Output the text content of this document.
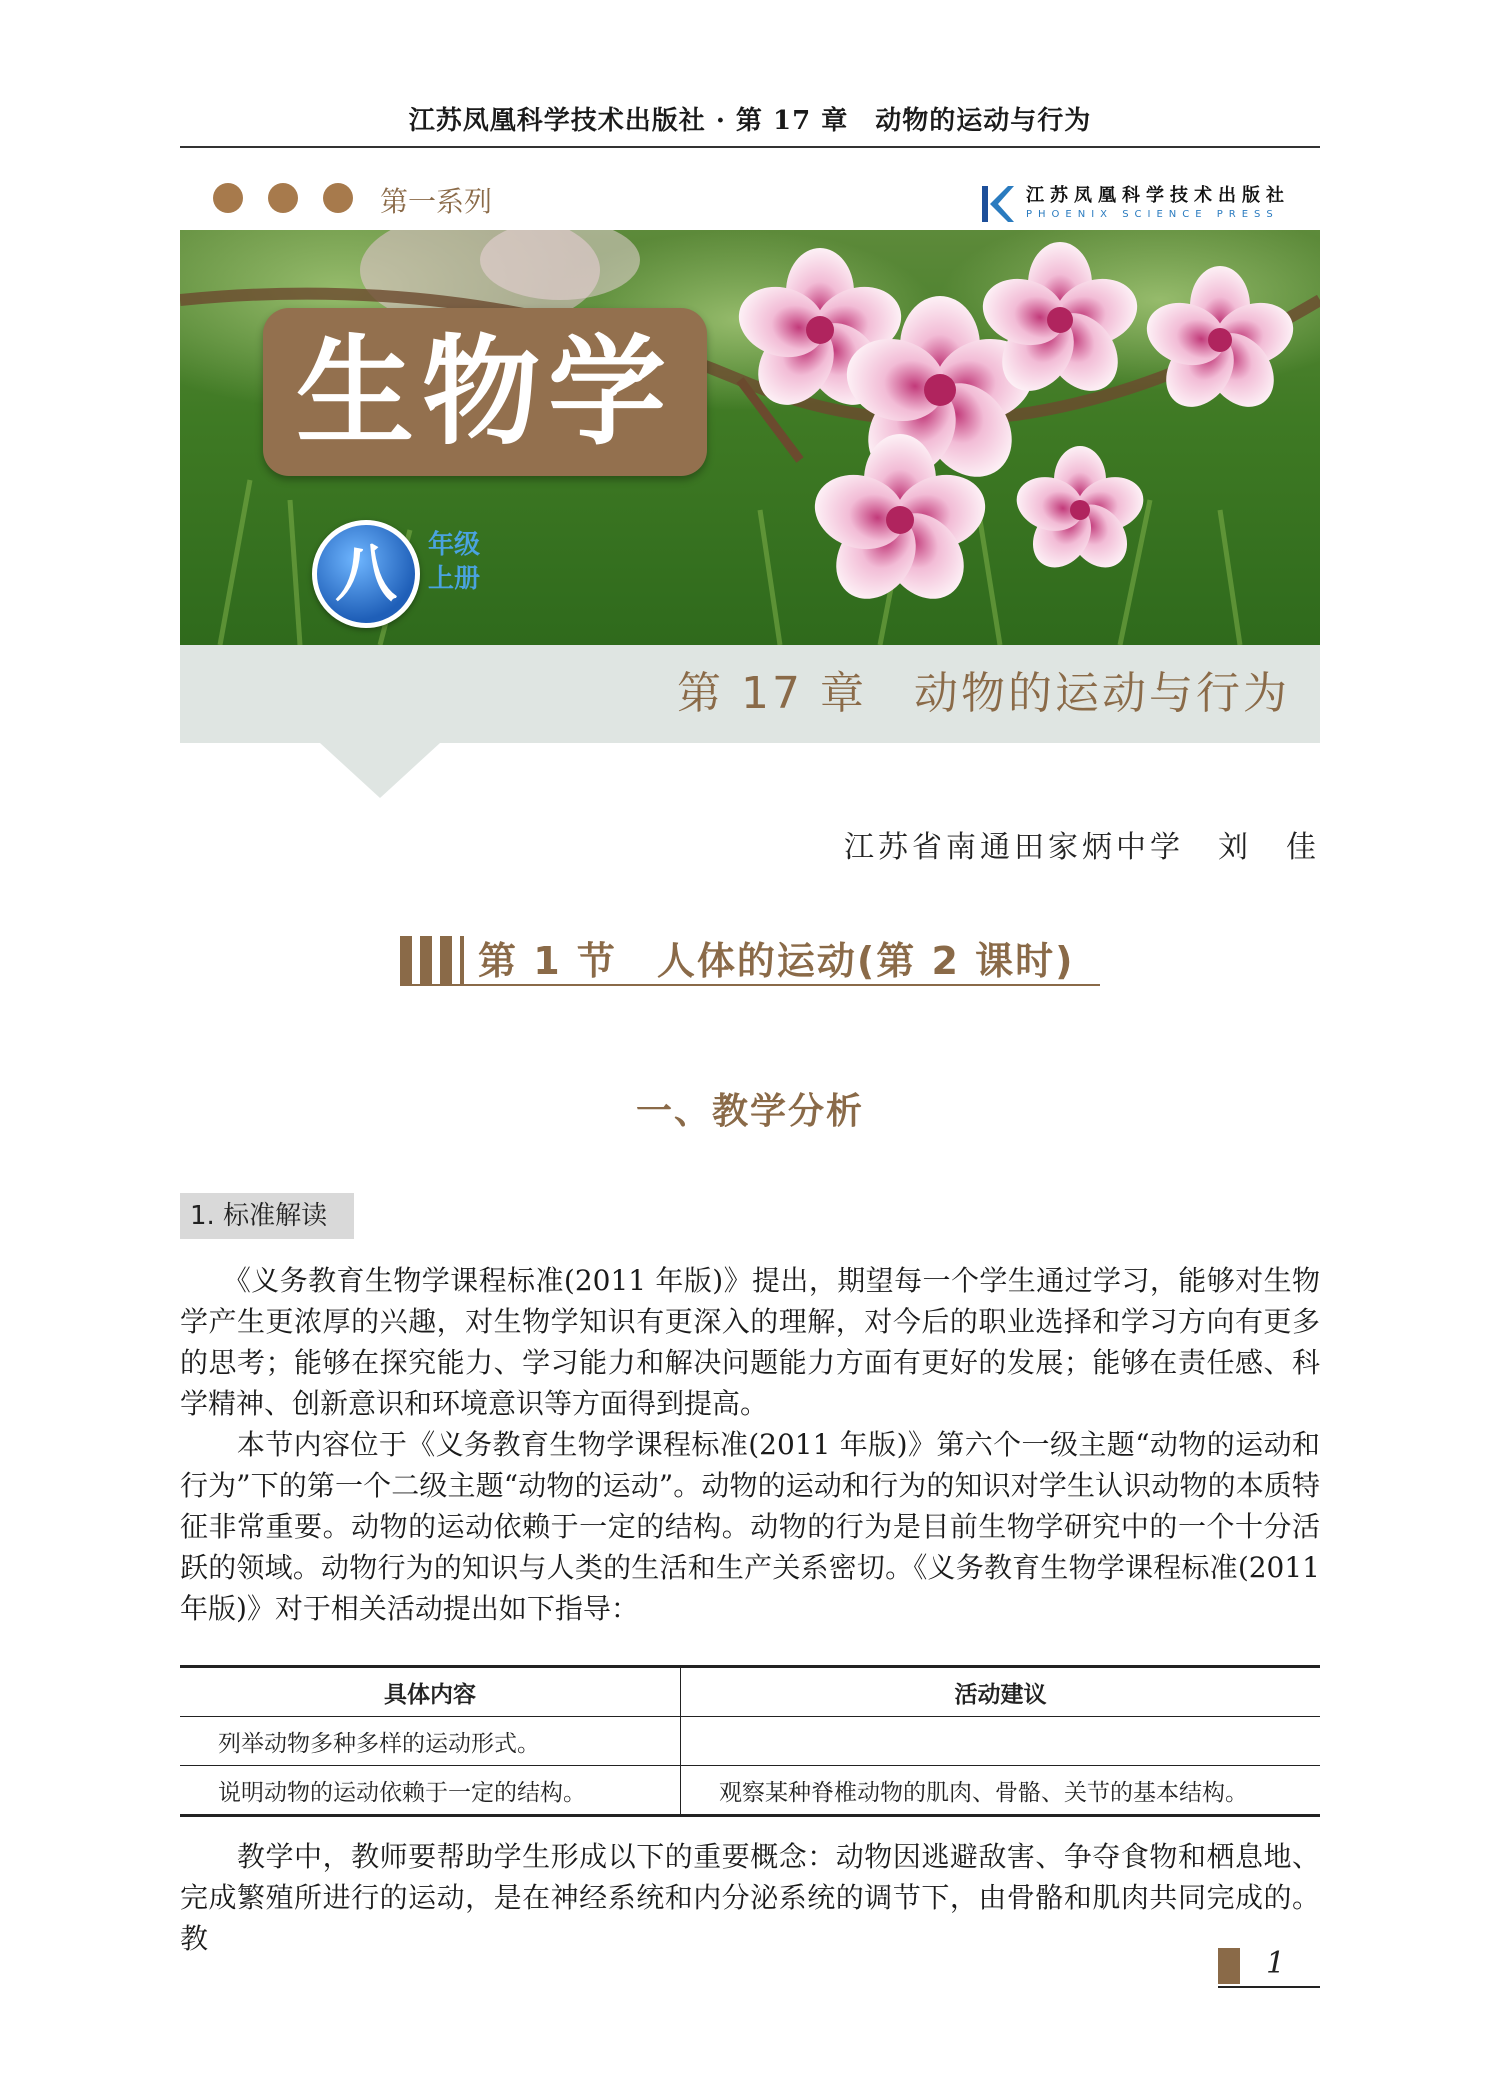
江苏凤凰科学技术出版社 · 第 17 章　动物的运动与行为
第一系列	江苏凤凰科学技术出版社
PHOENIX SCIENCE PRESS
生物学
八	年级
上册
第 17 章　动物的运动与行为
江苏省南通田家炳中学　刘　佳
第 1 节　人体的运动(第 2 课时)
一、教学分析
1. 标准解读

　　《义务教育生物学课程标准(2011 年版)》提出，期望每一个学生通过学习，能够对生物学产生更浓厚的兴趣，对生物学知识有更深入的理解，对今后的职业选择和学习方向有更多的思考；能够在探究能力、学习能力和解决问题能力方面有更好的发展；能够在责任感、科学精神、创新意识和环境意识等方面得到提高。

　　本节内容位于《义务教育生物学课程标准(2011 年版)》第六个一级主题“动物的运动和行为”下的第一个二级主题“动物的运动”。动物的运动和行为的知识对学生认识动物的本质特征非常重要。动物的运动依赖于一定的结构。动物的行为是目前生物学研究中的一个十分活跃的领域。动物行为的知识与人类的生活和生产关系密切。《义务教育生物学课程标准(2011 年版)》对于相关活动提出如下指导：

具体内容	活动建议
列举动物多种多样的运动形式。	
说明动物的运动依赖于一定的结构。	观察某种脊椎动物的肌肉、骨骼、关节的基本结构。

　　教学中，教师要帮助学生形成以下的重要概念：动物因逃避敌害、争夺食物和栖息地、完成繁殖所进行的运动，是在神经系统和内分泌系统的调节下，由骨骼和肌肉共同完成的。教

1
